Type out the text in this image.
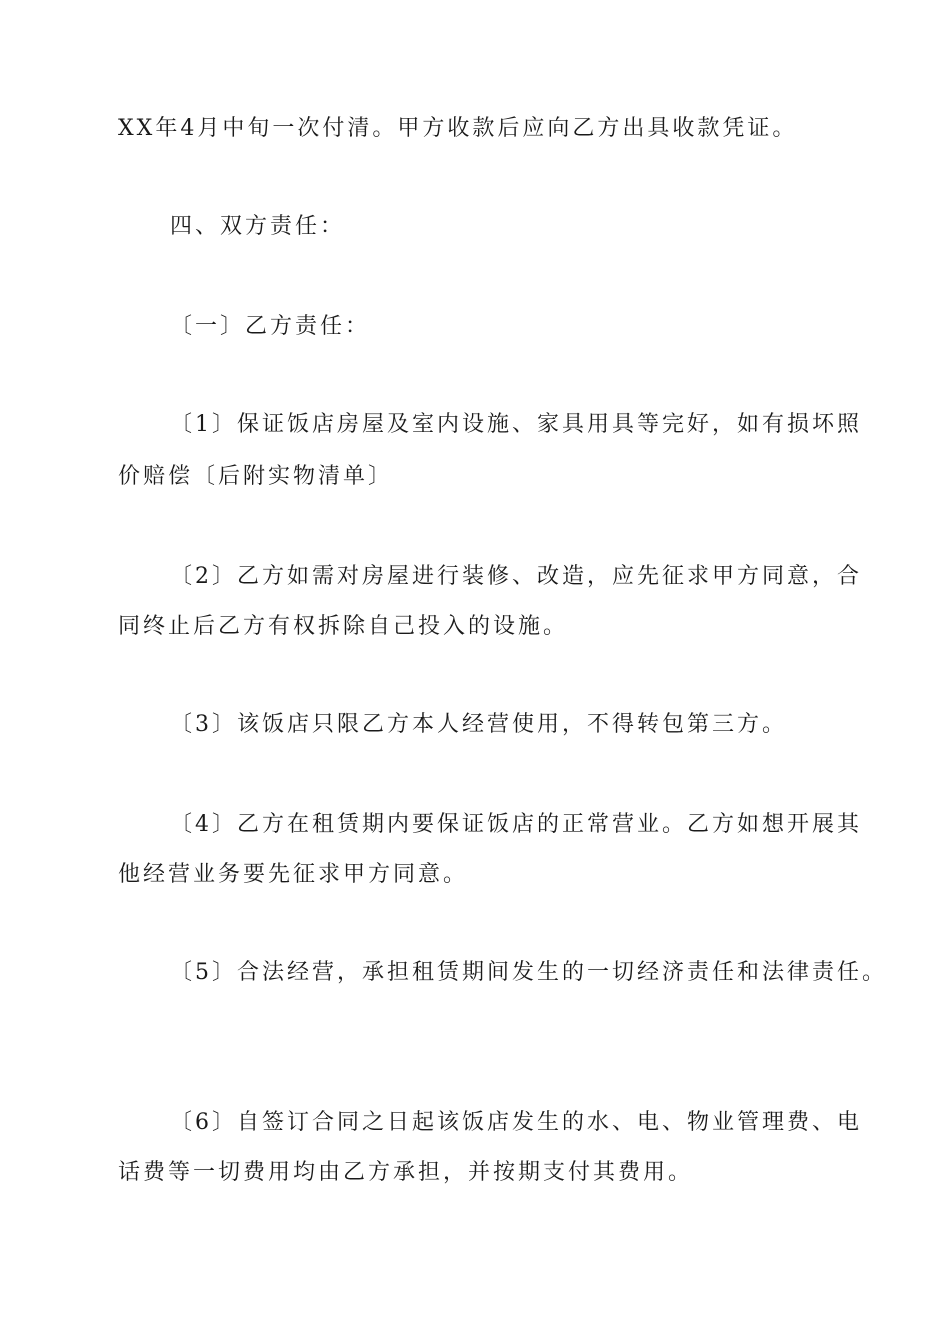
XX年4月中旬一次付清。甲方收款后应向乙方出具收款凭证。
四、双方责任：
〔一〕乙方责任：
〔1〕保证饭店房屋及室内设施、家具用具等完好，如有损坏照
价赔偿〔后附实物清单〕
〔2〕乙方如需对房屋进行装修、改造，应先征求甲方同意，合
同终止后乙方有权拆除自己投入的设施。
〔3〕该饭店只限乙方本人经营使用，不得转包第三方。
〔4〕乙方在租赁期内要保证饭店的正常营业。乙方如想开展其
他经营业务要先征求甲方同意。
〔5〕合法经营，承担租赁期间发生的一切经济责任和法律责任。
〔6〕自签订合同之日起该饭店发生的水、电、物业管理费、电
话费等一切费用均由乙方承担，并按期支付其费用。
